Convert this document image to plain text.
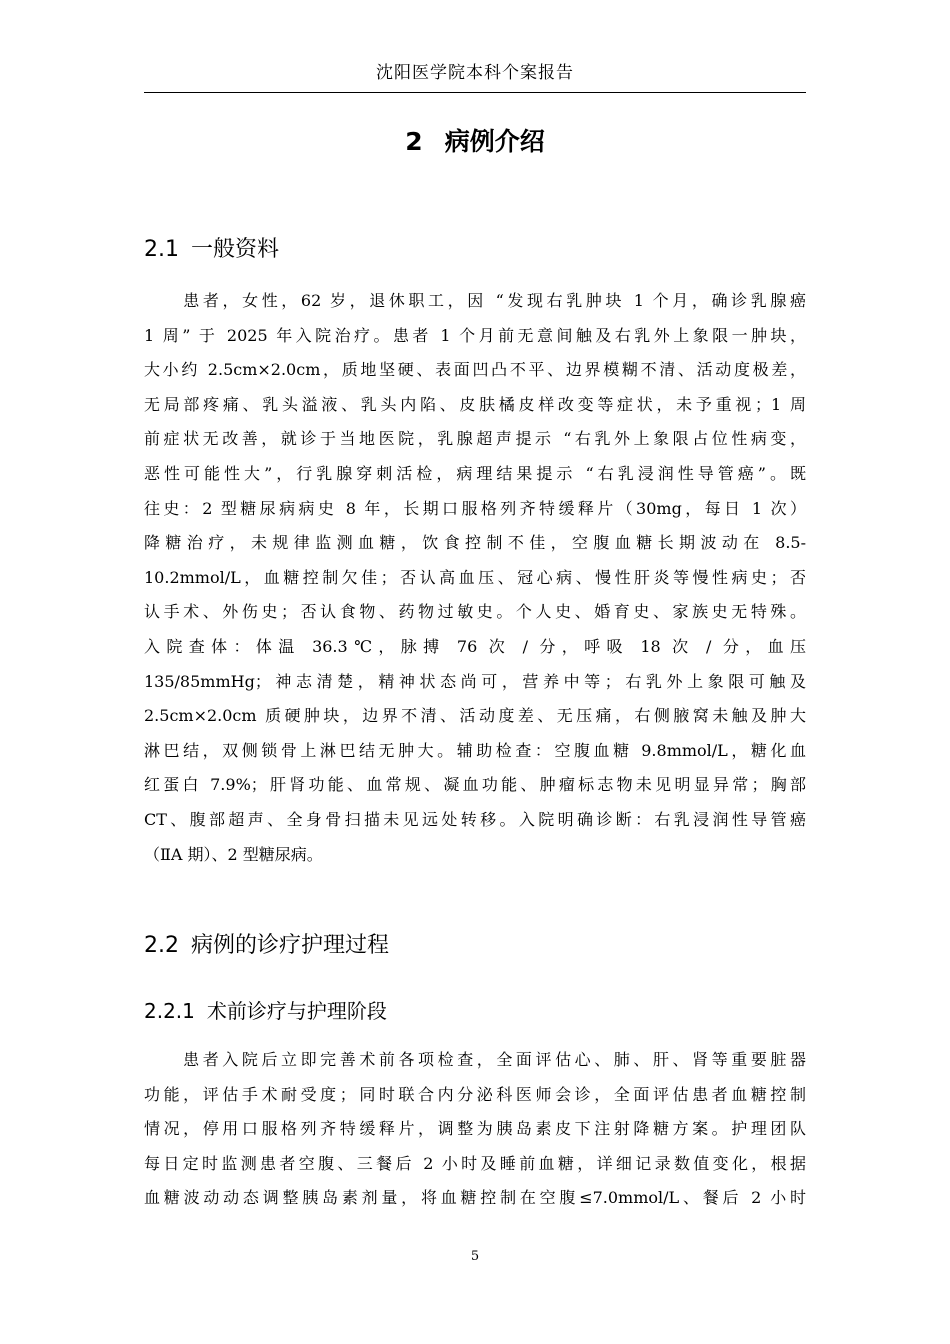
沈阳医学院本科个案报告
2 病例介绍
2.1 一般资料
　　患者，女性，62 岁，退休职工，因 “发现右乳肿块 1 个月，确诊乳腺癌
1 周” 于 2025 年入院治疗。患者 1 个月前无意间触及右乳外上象限一肿块，
大小约 2.5cm×2.0cm，质地坚硬、表面凹凸不平、边界模糊不清、活动度极差，
无局部疼痛、乳头溢液、乳头内陷、皮肤橘皮样改变等症状，未予重视；1 周
前症状无改善，就诊于当地医院，乳腺超声提示 “右乳外上象限占位性病变，
恶性可能性大”，行乳腺穿刺活检，病理结果提示 “右乳浸润性导管癌”。既
往史：2 型糖尿病病史 8 年，长期口服格列齐特缓释片（30mg，每日 1 次）
降糖治疗，未规律监测血糖，饮食控制不佳，空腹血糖长期波动在 8.5-
10.2mmol/L，血糖控制欠佳；否认高血压、冠心病、慢性肝炎等慢性病史；否
认手术、外伤史；否认食物、药物过敏史。个人史、婚育史、家族史无特殊。
入院查体：体温 36.3℃，脉搏 76 次 / 分，呼吸 18 次 / 分，血压
135/85mmHg；神志清楚，精神状态尚可，营养中等；右乳外上象限可触及
2.5cm×2.0cm 质硬肿块，边界不清、活动度差、无压痛，右侧腋窝未触及肿大
淋巴结，双侧锁骨上淋巴结无肿大。辅助检查：空腹血糖 9.8mmol/L，糖化血
红蛋白 7.9%；肝肾功能、血常规、凝血功能、肿瘤标志物未见明显异常；胸部
CT、腹部超声、全身骨扫描未见远处转移。入院明确诊断：右乳浸润性导管癌
（ⅡA 期）、2 型糖尿病。
2.2 病例的诊疗护理过程
2.2.1 术前诊疗与护理阶段
　　患者入院后立即完善术前各项检查，全面评估心、肺、肝、肾等重要脏器
功能，评估手术耐受度；同时联合内分泌科医师会诊，全面评估患者血糖控制
情况，停用口服格列齐特缓释片，调整为胰岛素皮下注射降糖方案。护理团队
每日定时监测患者空腹、三餐后 2 小时及睡前血糖，详细记录数值变化，根据
血糖波动动态调整胰岛素剂量，将血糖控制在空腹≤7.0mmol/L、餐后 2 小时
5
